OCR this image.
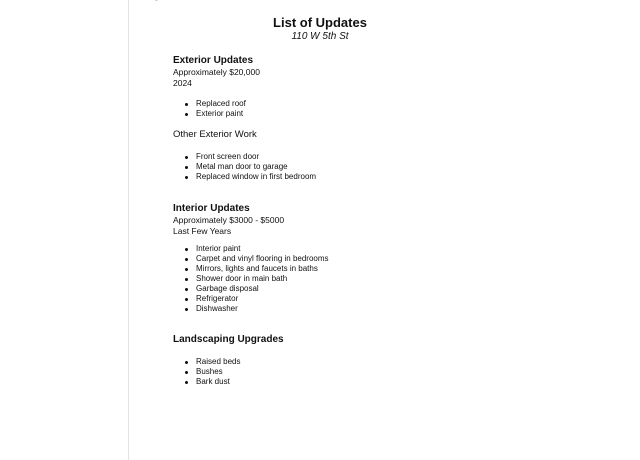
List of Updates
110 W 5th St

Exterior Updates

Approximately $20,000

2024

Replaced roof
Exterior paint

Other Exterior Work

Front screen door
Metal man door to garage
Replaced window in first bedroom

Interior Updates

Approximately $3000 - $5000

Last Few Years

Interior paint
Carpet and vinyl flooring in bedrooms
Mirrors, lights and faucets in baths
Shower door in main bath
Garbage disposal
Refrigerator
Dishwasher

Landscaping Upgrades

Raised beds
Bushes
Bark dust
